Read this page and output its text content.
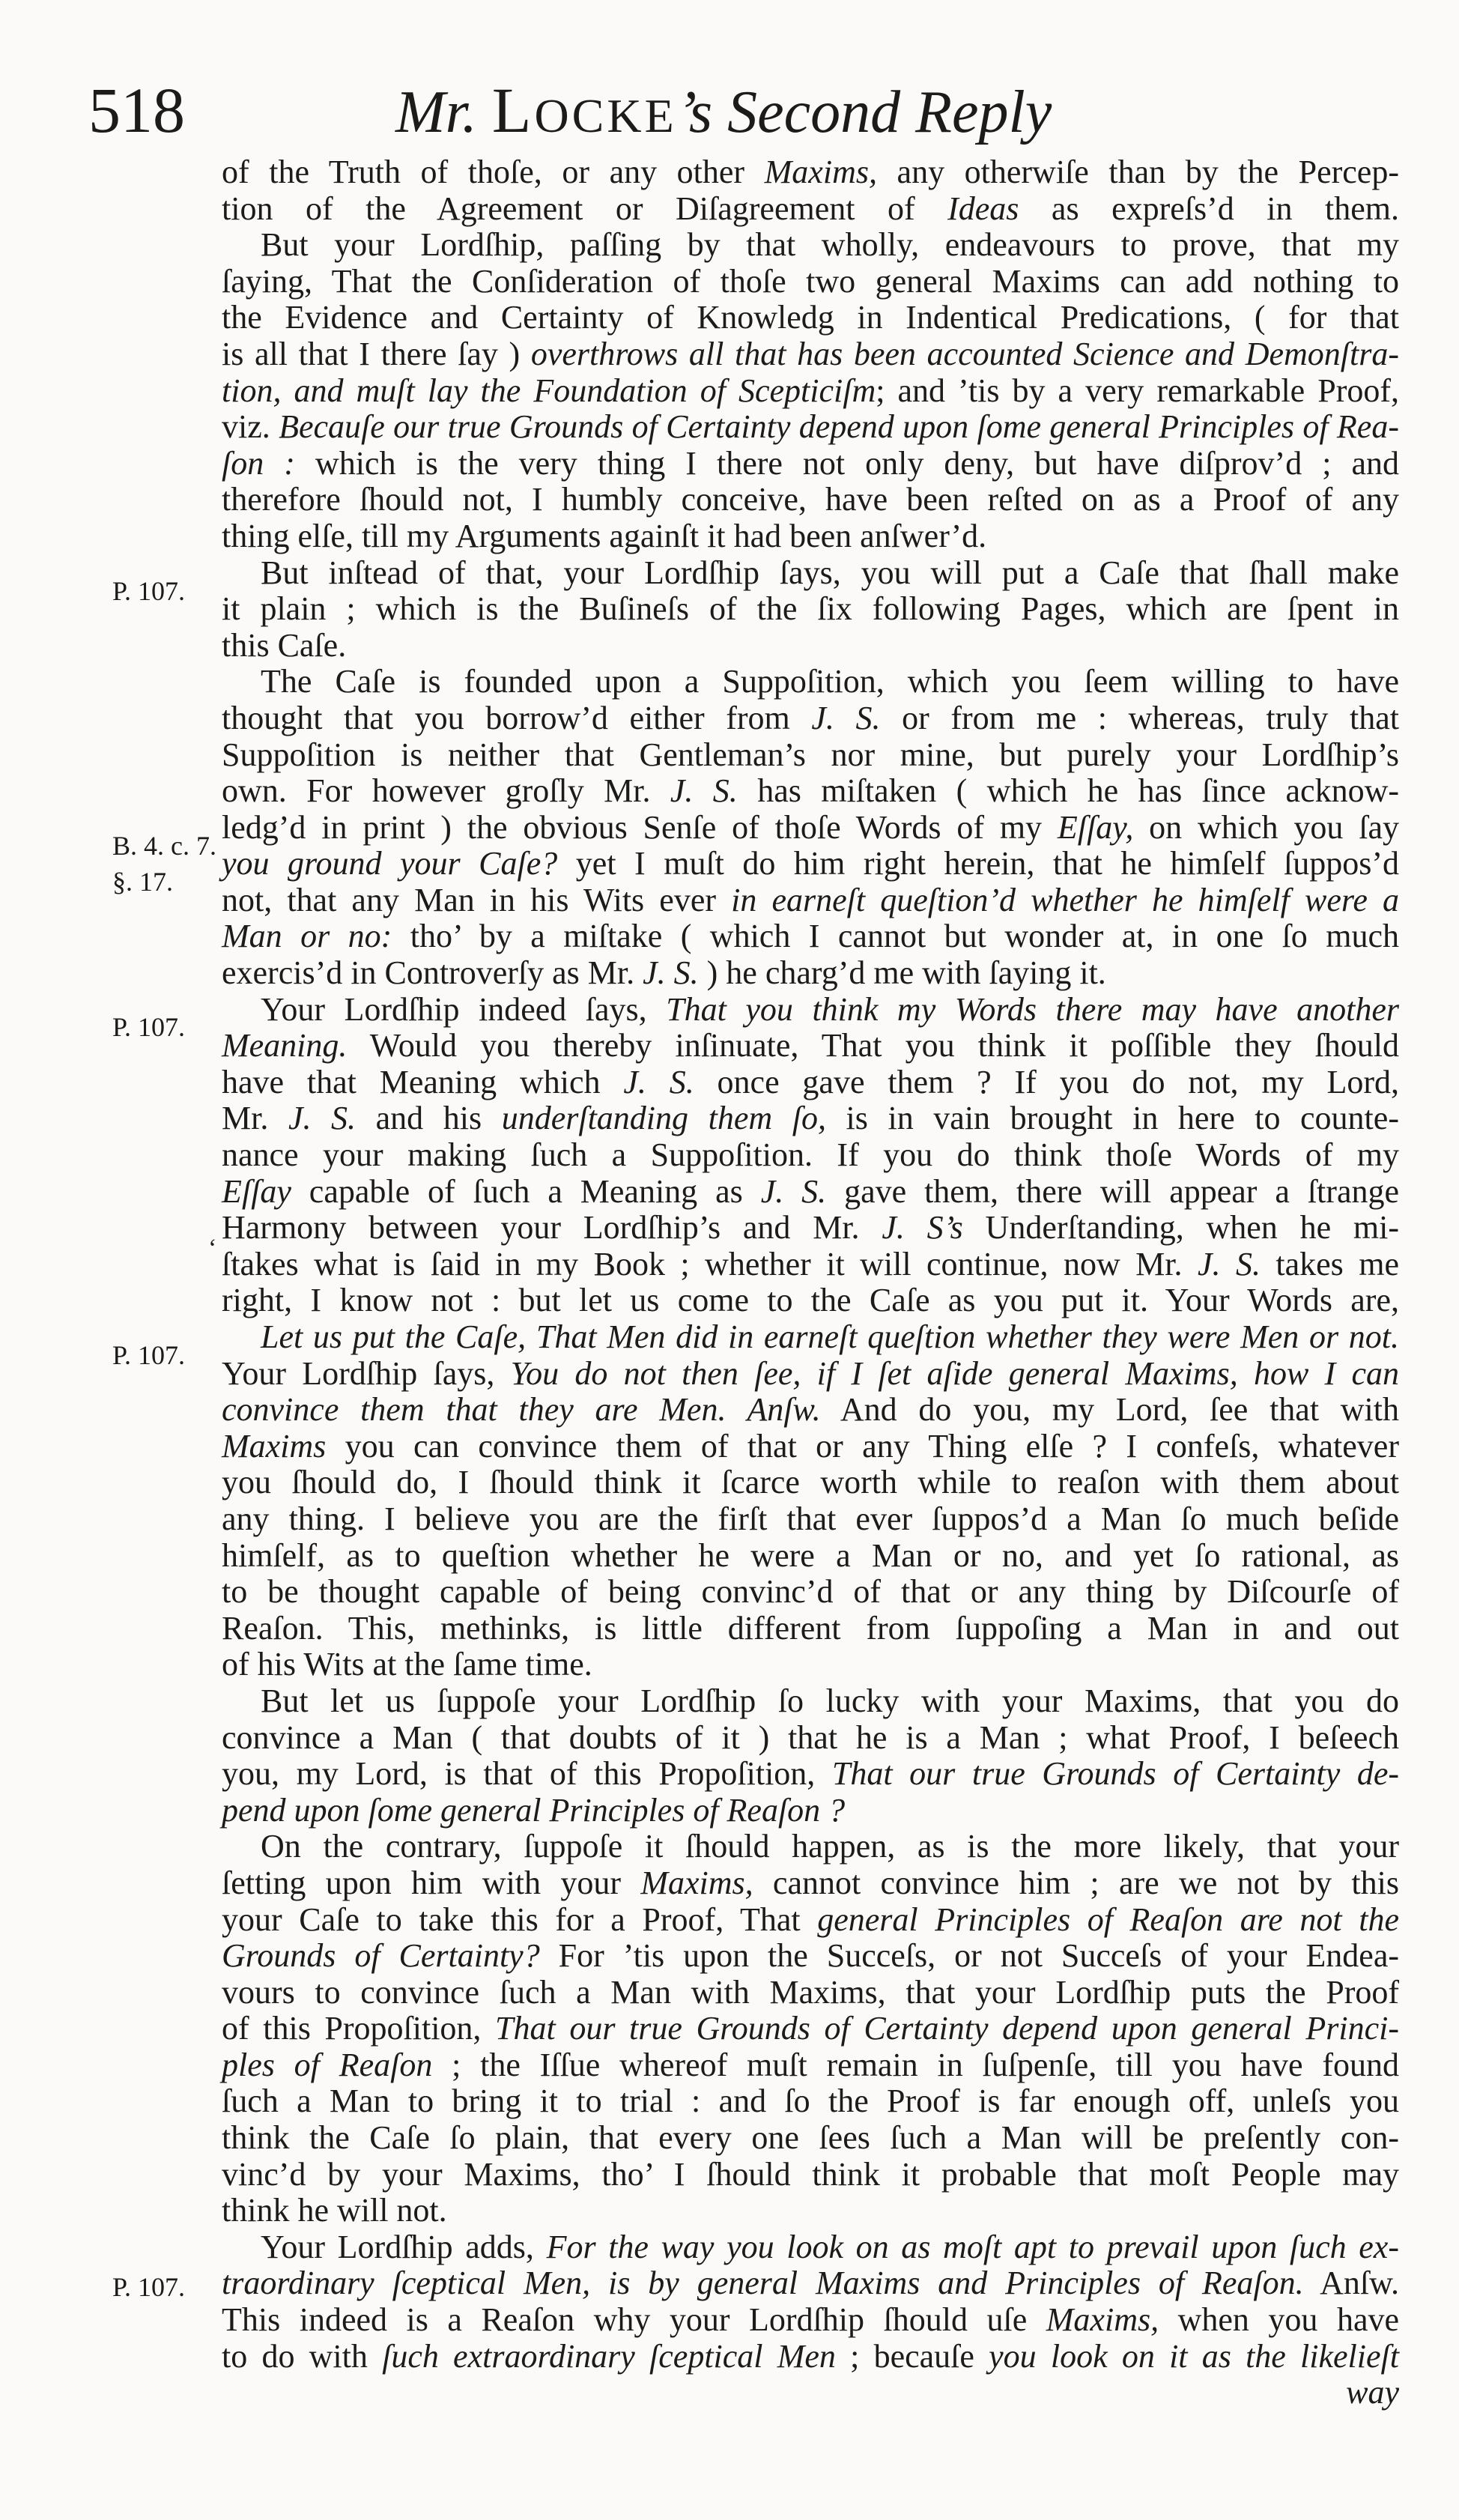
518	Mr. LOCKE’s Second Reply
P. 107.
B. 4. c. 7.
§. 17.
P. 107.
P. 107.
P. 107.
ʻ
of the Truth of thoſe, or any other Maxims, any otherwiſe than by the Percep-
tion of the Agreement or Diſagreement of Ideas as expreſs’d in them.
But your Lordſhip, paſſing by that wholly, endeavours to prove, that my
ſaying, That the Conſideration of thoſe two general Maxims can add nothing to
the Evidence and Certainty of Knowledg in Indentical Predications, ( for that
is all that I there ſay ) overthrows all that has been accounted Science and Demonſtra-
tion, and muſt lay the Foundation of Scepticiſm; and ’tis by a very remarkable Proof,
viz. Becauſe our true Grounds of Certainty depend upon ſome general Principles of Rea-
ſon : which is the very thing I there not only deny, but have diſprov’d ; and
therefore ſhould not, I humbly conceive, have been reſted on as a Proof of any
thing elſe, till my Arguments againſt it had been anſwer’d.
But inſtead of that, your Lordſhip ſays, you will put a Caſe that ſhall make
it plain ; which is the Buſineſs of the ſix following Pages, which are ſpent in
this Caſe.
The Caſe is founded upon a Suppoſition, which you ſeem willing to have
thought that you borrow’d either from J. S. or from me : whereas, truly that
Suppoſition is neither that Gentleman’s nor mine, but purely your Lordſhip’s
own. For however groſly Mr. J. S. has miſtaken ( which he has ſince acknow-
ledg’d in print ) the obvious Senſe of thoſe Words of my Eſſay, on which you ſay
you ground your Caſe? yet I muſt do him right herein, that he himſelf ſuppos’d
not, that any Man in his Wits ever in earneſt queſtion’d whether he himſelf were a
Man or no: tho’ by a miſtake ( which I cannot but wonder at, in one ſo much
exercis’d in Controverſy as Mr. J. S. ) he charg’d me with ſaying it.
Your Lordſhip indeed ſays, That you think my Words there may have another
Meaning. Would you thereby inſinuate, That you think it poſſible they ſhould
have that Meaning which J. S. once gave them ? If you do not, my Lord,
Mr. J. S. and his underſtanding them ſo, is in vain brought in here to counte-
nance your making ſuch a Suppoſition. If you do think thoſe Words of my
Eſſay capable of ſuch a Meaning as J. S. gave them, there will appear a ſtrange
Harmony between your Lordſhip’s and Mr. J. S’s Underſtanding, when he mi-
ſtakes what is ſaid in my Book ; whether it will continue, now Mr. J. S. takes me
right, I know not : but let us come to the Caſe as you put it. Your Words are,
Let us put the Caſe, That Men did in earneſt queſtion whether they were Men or not.
Your Lordſhip ſays, You do not then ſee, if I ſet aſide general Maxims, how I can
convince them that they are Men. Anſw. And do you, my Lord, ſee that with
Maxims you can convince them of that or any Thing elſe ? I confeſs, whatever
you ſhould do, I ſhould think it ſcarce worth while to reaſon with them about
any thing. I believe you are the firſt that ever ſuppos’d a Man ſo much beſide
himſelf, as to queſtion whether he were a Man or no, and yet ſo rational, as
to be thought capable of being convinc’d of that or any thing by Diſcourſe of
Reaſon. This, methinks, is little different from ſuppoſing a Man in and out
of his Wits at the ſame time.
But let us ſuppoſe your Lordſhip ſo lucky with your Maxims, that you do
convince a Man ( that doubts of it ) that he is a Man ; what Proof, I beſeech
you, my Lord, is that of this Propoſition, That our true Grounds of Certainty de-
pend upon ſome general Principles of Reaſon ?
On the contrary, ſuppoſe it ſhould happen, as is the more likely, that your
ſetting upon him with your Maxims, cannot convince him ; are we not by this
your Caſe to take this for a Proof, That general Principles of Reaſon are not the
Grounds of Certainty? For ’tis upon the Succeſs, or not Succeſs of your Endea-
vours to convince ſuch a Man with Maxims, that your Lordſhip puts the Proof
of this Propoſition, That our true Grounds of Certainty depend upon general Princi-
ples of Reaſon ; the Iſſue whereof muſt remain in ſuſpenſe, till you have found
ſuch a Man to bring it to trial : and ſo the Proof is far enough off, unleſs you
think the Caſe ſo plain, that every one ſees ſuch a Man will be preſently con-
vinc’d by your Maxims, tho’ I ſhould think it probable that moſt People may
think he will not.
Your Lordſhip adds, For the way you look on as moſt apt to prevail upon ſuch ex-
traordinary ſceptical Men, is by general Maxims and Principles of Reaſon. Anſw.
This indeed is a Reaſon why your Lordſhip ſhould uſe Maxims, when you have
to do with ſuch extraordinary ſceptical Men ; becauſe you look on it as the likelieſt
way
